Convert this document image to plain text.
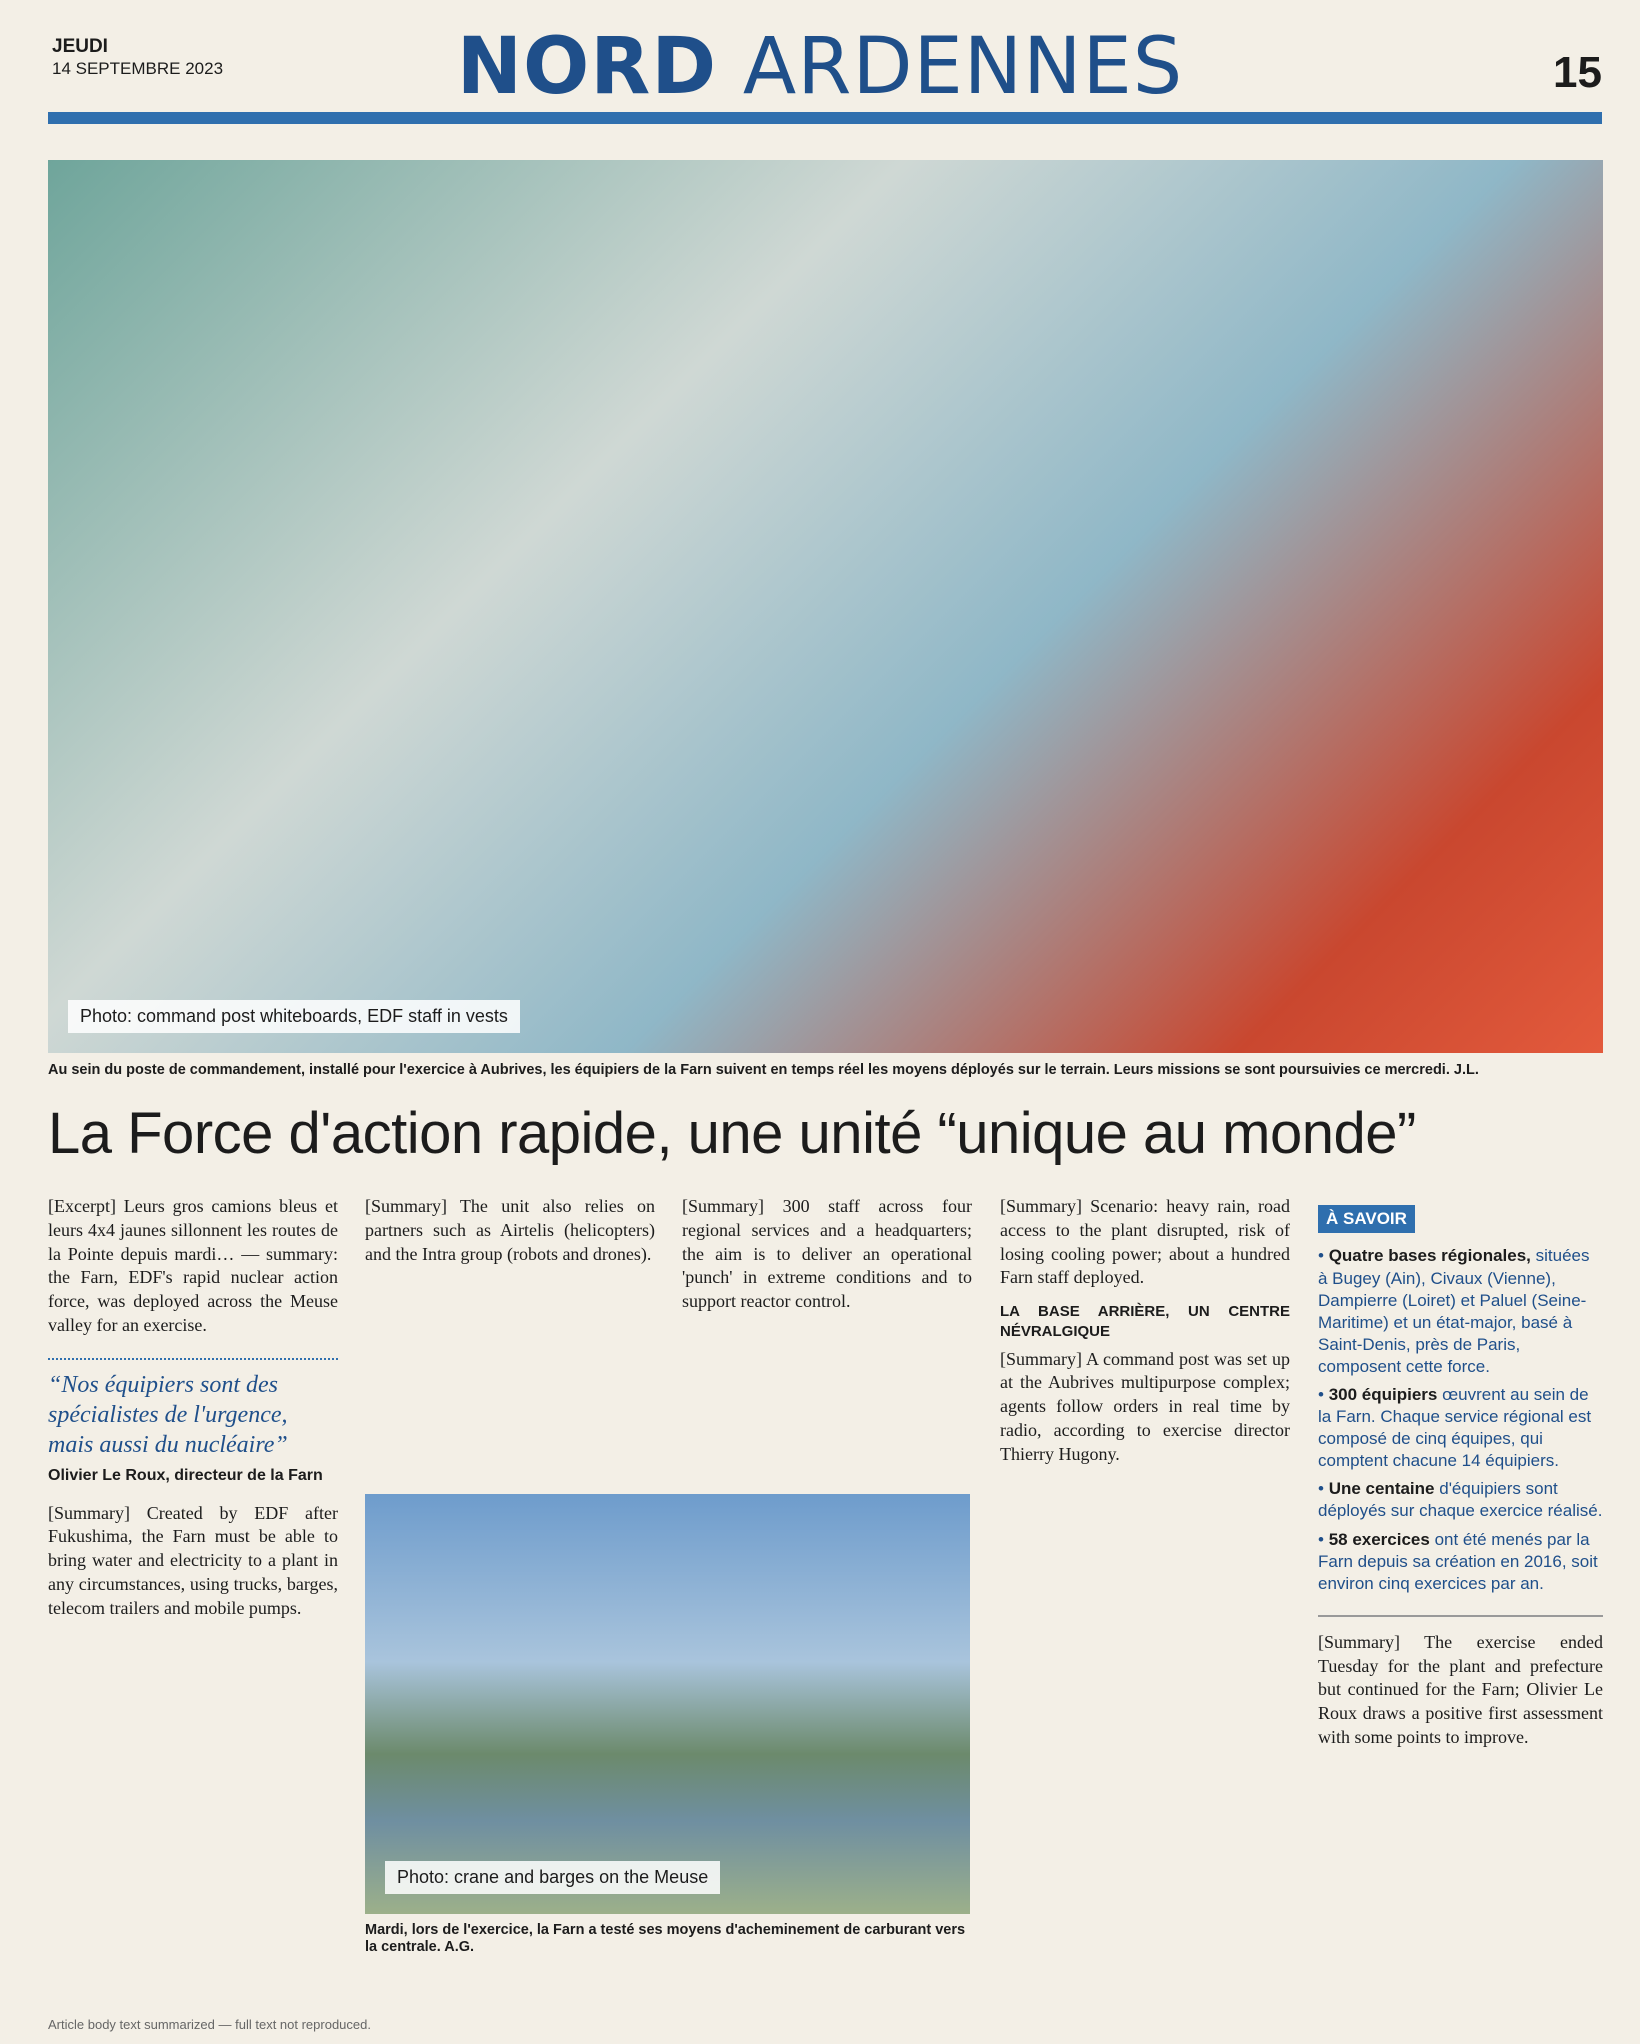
JEUDI
14 SEPTEMBRE 2023	NORD ARDENNES	15
Photo: command post whiteboards, EDF staff in vests
Au sein du poste de commandement, installé pour l'exercice à Aubrives, les équipiers de la Farn suivent en temps réel les moyens déployés sur le terrain. Leurs missions se sont poursuivies ce mercredi. J.L.
La Force d'action rapide, une unité “unique au monde”

[Excerpt] Leurs gros camions bleus et leurs 4x4 jaunes sillonnent les routes de la Pointe depuis mardi… — summary: the Farn, EDF's rapid nuclear action force, was deployed across the Meuse valley for an exercise.

“Nos équipiers sont des spécialistes de l'urgence, mais aussi du nucléaire”
Olivier Le Roux, directeur de la Farn

[Summary] Created by EDF after Fukushima, the Farn must be able to bring water and electricity to a plant in any circumstances, using trucks, barges, telecom trailers and mobile pumps.

[Summary] The unit also relies on partners such as Airtelis (helicopters) and the Intra group (robots and drones).

[Summary] 300 staff across four regional services and a headquarters; the aim is to deliver an operational 'punch' in extreme conditions and to support reactor control.

Photo: crane and barges on the Meuse
Mardi, lors de l'exercice, la Farn a testé ses moyens d'acheminement de carburant vers la centrale. A.G.

[Summary] Scenario: heavy rain, road access to the plant disrupted, risk of losing cooling power; about a hundred Farn staff deployed.

LA BASE ARRIÈRE, UN CENTRE NÉVRALGIQUE

[Summary] A command post was set up at the Aubrives multipurpose complex; agents follow orders in real time by radio, according to exercise director Thierry Hugony.

À SAVOIR

• Quatre bases régionales, situées à Bugey (Ain), Civaux (Vienne), Dampierre (Loiret) et Paluel (Seine-Maritime) et un état-major, basé à Saint-Denis, près de Paris, composent cette force.

• 300 équipiers œuvrent au sein de la Farn. Chaque service régional est composé de cinq équipes, qui comptent chacune 14 équipiers.

• Une centaine d'équipiers sont déployés sur chaque exercice réalisé.

• 58 exercices ont été menés par la Farn depuis sa création en 2016, soit environ cinq exercices par an.

[Summary] The exercise ended Tuesday for the plant and prefecture but continued for the Farn; Olivier Le Roux draws a positive first assessment with some points to improve.

Article body text summarized — full text not reproduced.
